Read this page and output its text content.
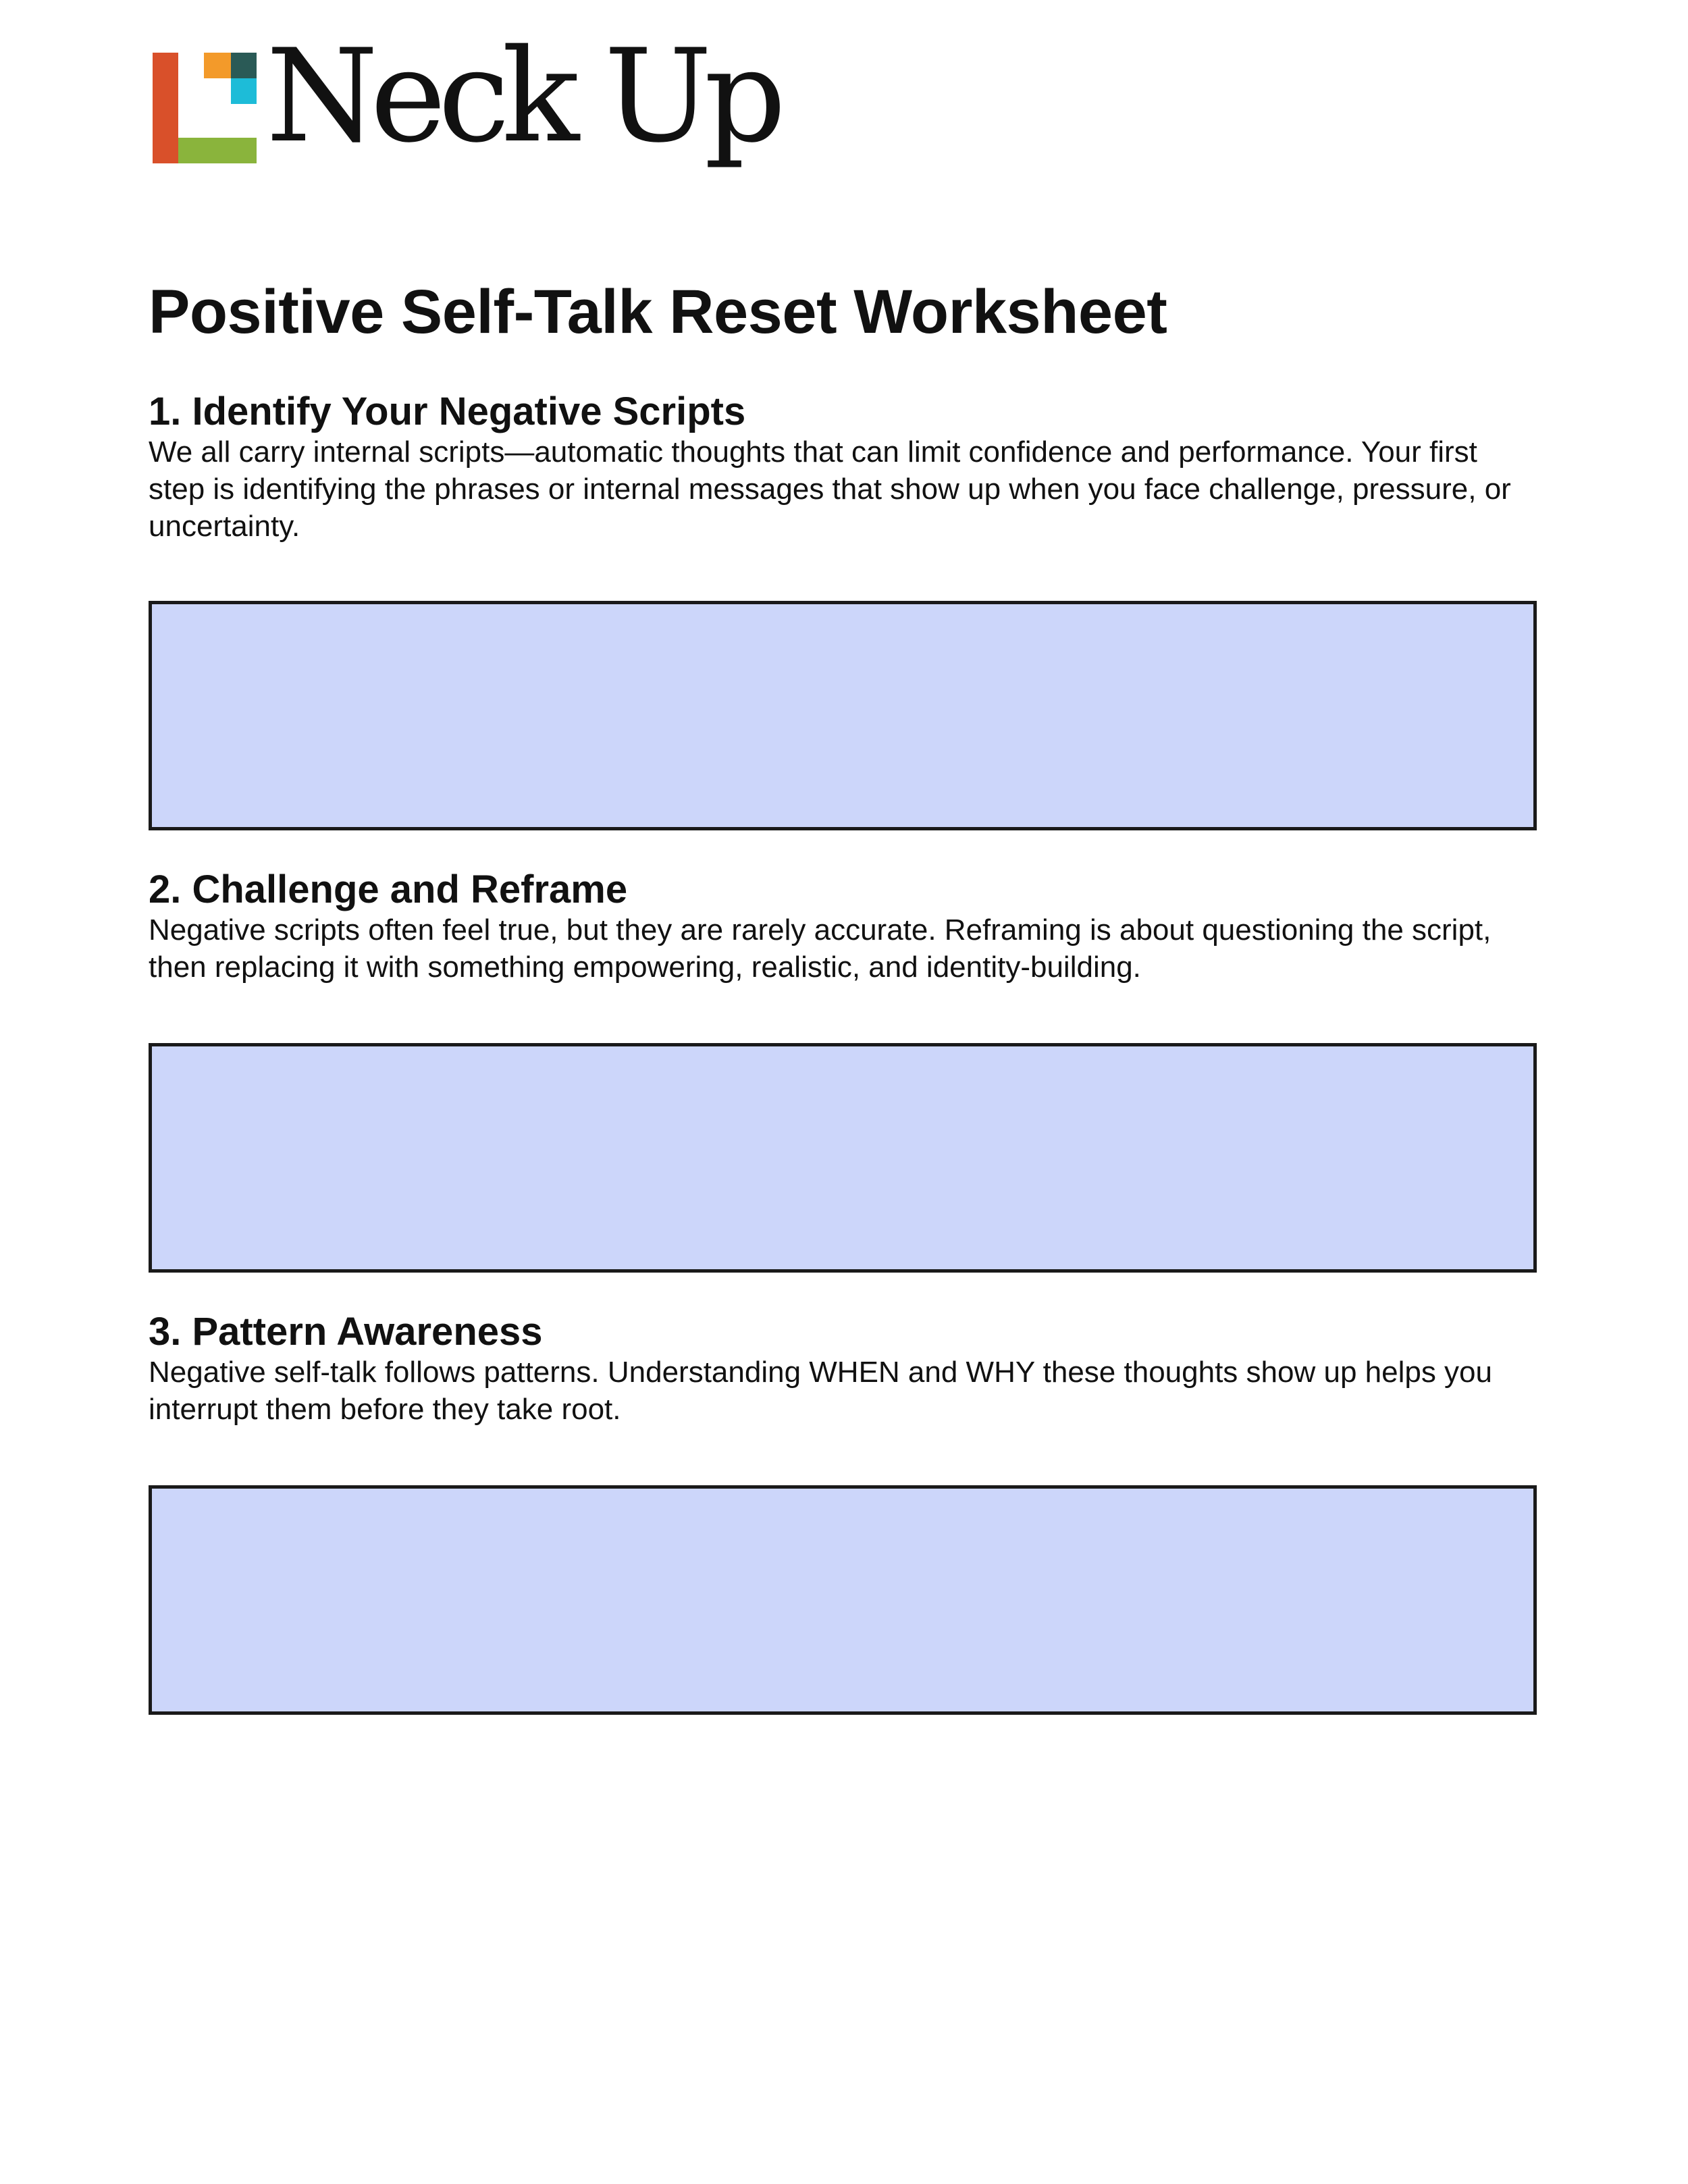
Neck Up
Positive Self-Talk Reset Worksheet
1. Identify Your Negative Scripts

We all carry internal scripts—automatic thoughts that can limit confidence and performance. Your first step is identifying the phrases or internal messages that show up when you face challenge, pressure, or uncertainty.

2. Challenge and Reframe

Negative scripts often feel true, but they are rarely accurate. Reframing is about questioning the script, then replacing it with something empowering, realistic, and identity-building.

3. Pattern Awareness

Negative self-talk follows patterns. Understanding WHEN and WHY these thoughts show up helps you interrupt them before they take root.
